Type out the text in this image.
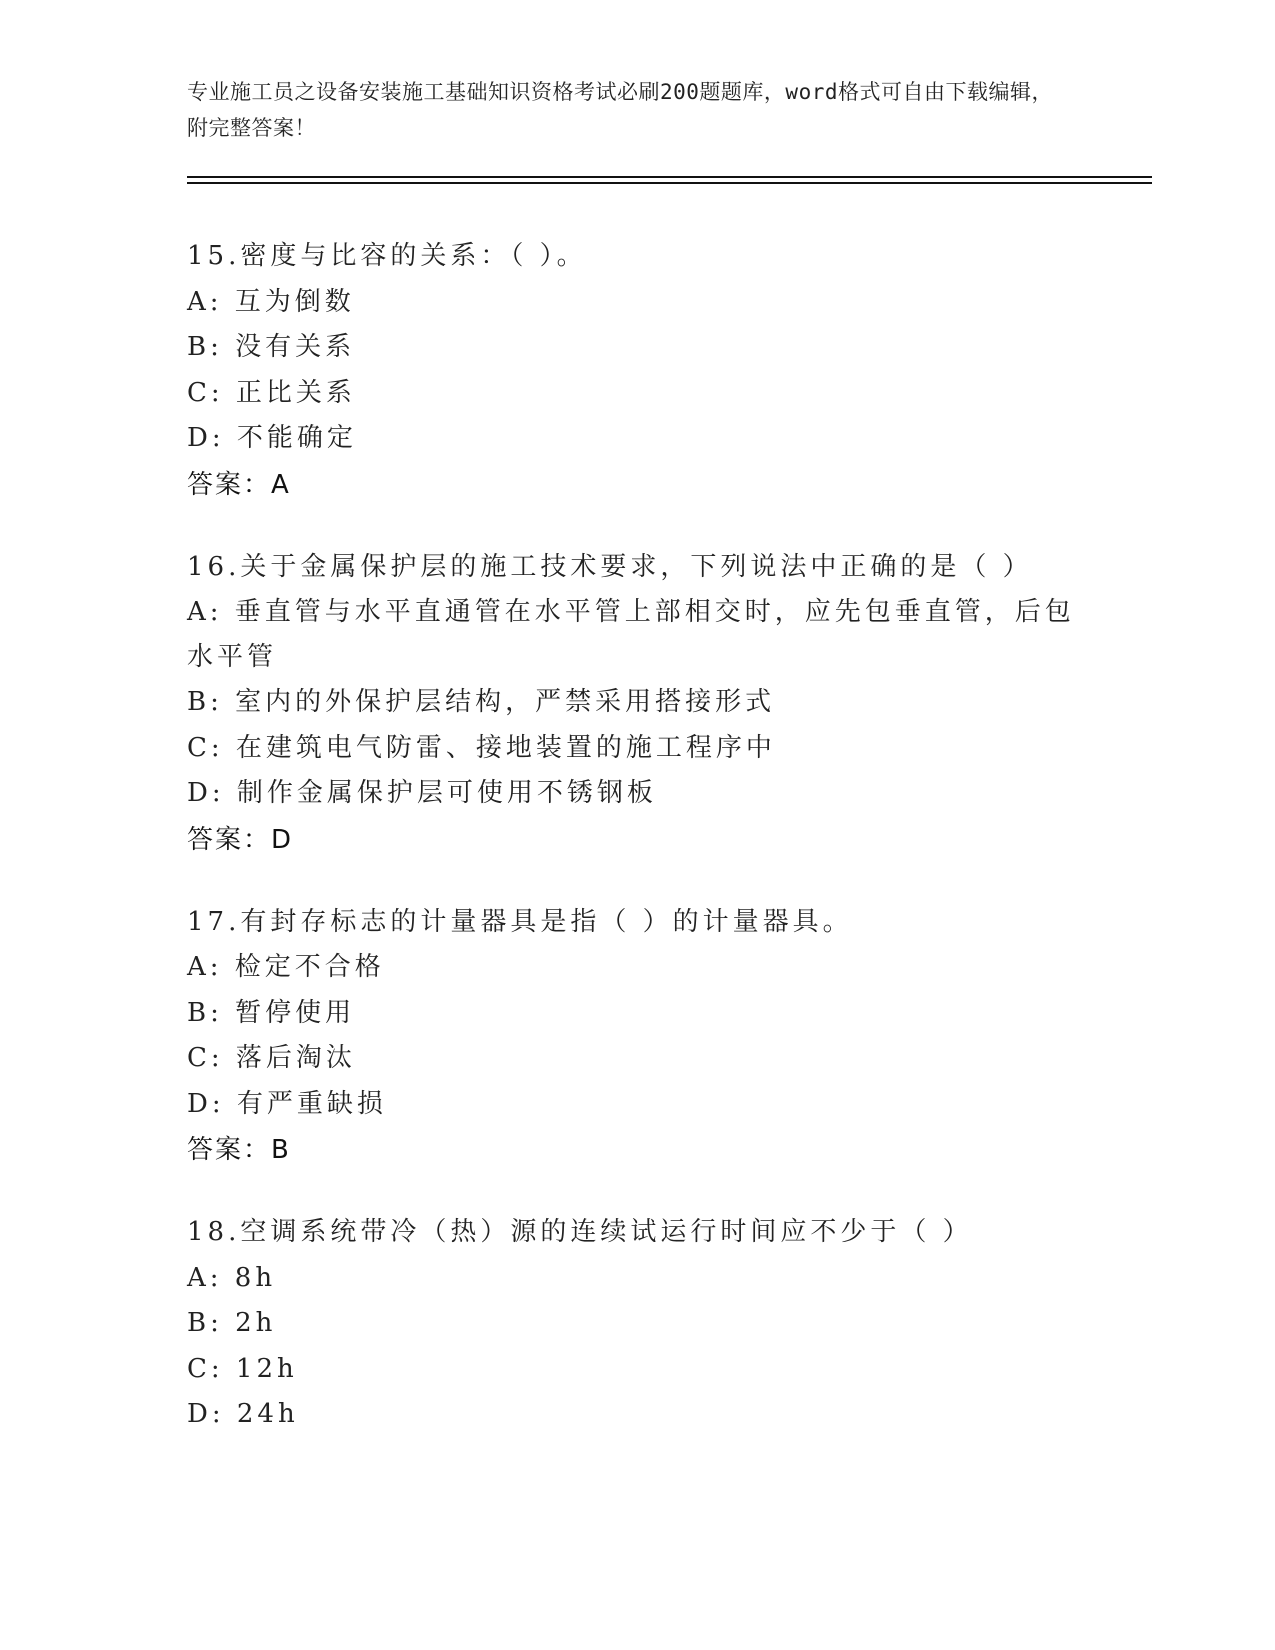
专业施工员之设备安装施工基础知识资格考试必刷200题题库，word格式可自由下载编辑，附完整答案！
15.密度与比容的关系：（ ）。
A: 互为倒数
B: 没有关系
C: 正比关系
D: 不能确定
答案：A
16.关于金属保护层的施工技术要求，下列说法中正确的是（ ）
A: 垂直管与水平直通管在水平管上部相交时，应先包垂直管，后包水平管
B: 室内的外保护层结构，严禁采用搭接形式
C: 在建筑电气防雷、接地装置的施工程序中
D: 制作金属保护层可使用不锈钢板
答案：D
17.有封存标志的计量器具是指（ ）的计量器具。
A: 检定不合格
B: 暂停使用
C: 落后淘汰
D: 有严重缺损
答案：B
18.空调系统带冷（热）源的连续试运行时间应不少于（ ）
A: 8h
B: 2h
C: 12h
D: 24h
